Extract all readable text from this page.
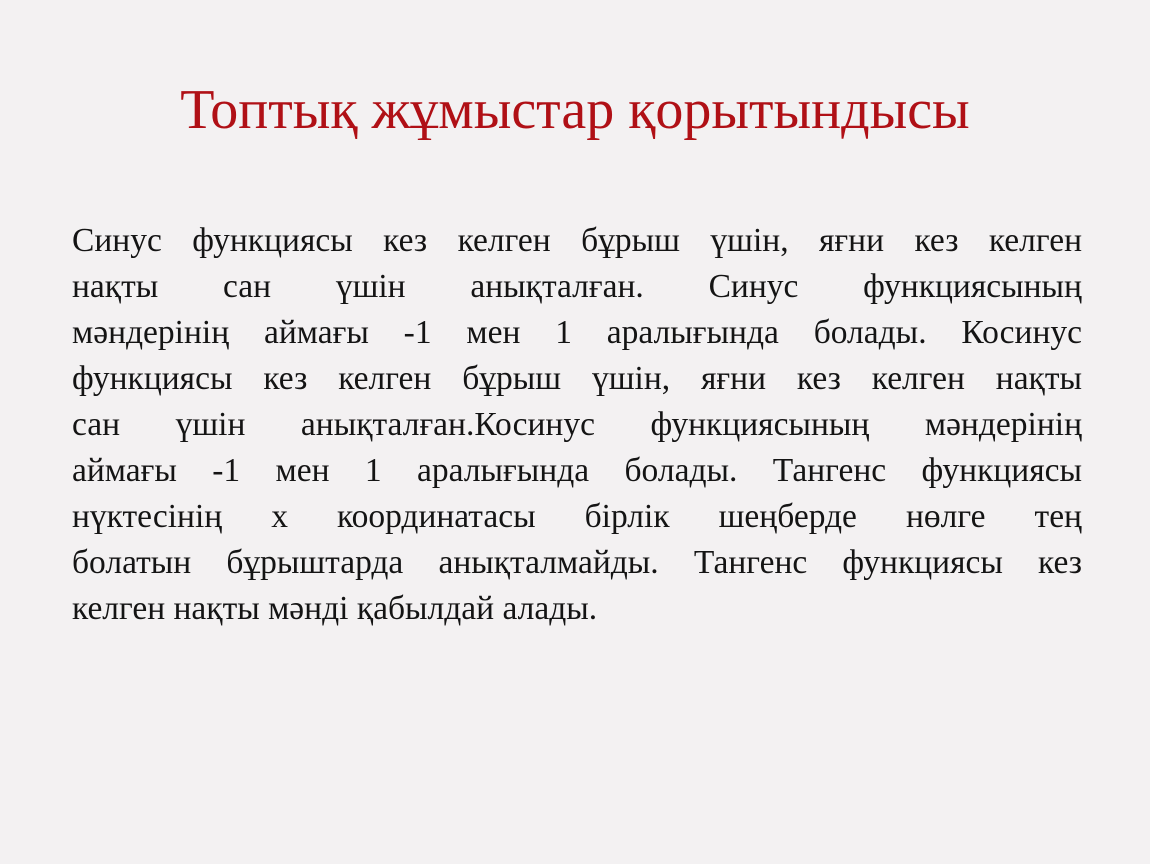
Топтық жұмыстар қорытындысы
Синус функциясы кез келген бұрыш үшін, яғни кез келген
нақты сан үшін анықталған. Синус функциясының
мәндерінің аймағы -1 мен 1 аралығында болады. Косинус
функциясы кез келген бұрыш үшін, яғни кез келген нақты
сан үшін анықталған.Косинус функциясының мәндерінің
аймағы -1 мен 1 аралығында болады. Тангенс функциясы
нүктесінің х координатасы бірлік шеңберде нөлге тең
болатын бұрыштарда анықталмайды. Тангенс функциясы кез
келген нақты мәнді қабылдай алады.
